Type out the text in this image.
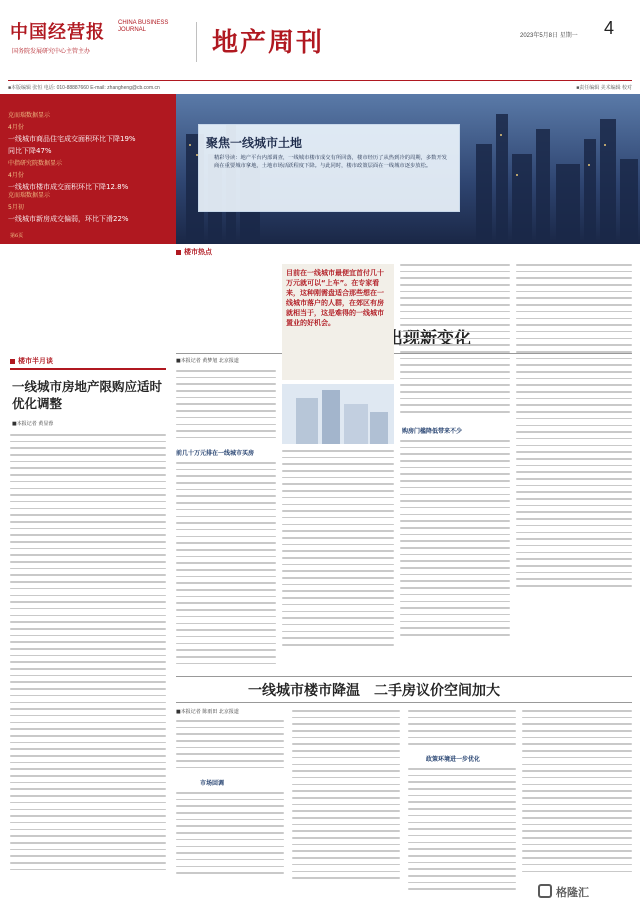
中国经营报
国务院发展研究中心主管主办
CHINA BUSINESS JOURNAL	地产周刊	2023年5月8日 星期一 4
■本版编辑 张恒 电话: 010-88887660 E-mail: zhangheng@cb.com.cn	■责任编辑 美术编辑 校对
克而瑞数据显示
4月份
一线城市商品住宅成交面积环比下降19%
同比下降47%
中指研究院数据显示
4月份
一线城市楼市成交面积环比下降12.8%
克而瑞数据显示
5月初
一线城市新房成交偏弱，环比下滑22%
第6页
聚焦一线城市土地
精彩导读：地产平台内部调查，一线城市楼市成交有所回落，楼市经历了从热到冷的周期，多数开发商在重要城市拿地，土地市场活跃程度下降。与此同时，楼市政策层面在一线城市逐步放松。
楼市热点
■本报记者 黄梦旭 北京报道
前几十万元排在一线城市买房
目前在一线城市最便宜首付几十万元就可以“上车”。在专家看来，这种刚需盘适合那些想在一线城市落户的人群，在郊区有房就相当于，这是难得的一线城市置业的好机会。
购房门槛降低带来不少
楼市半月谈
一线城市房地产限购应适时优化调整
■本报记者 黄显蓉
一线城市楼市降温　二手房议价空间加大
■本报记者 陈雨田 北京报道
市场回调
政策环境进一步优化
格隆汇
